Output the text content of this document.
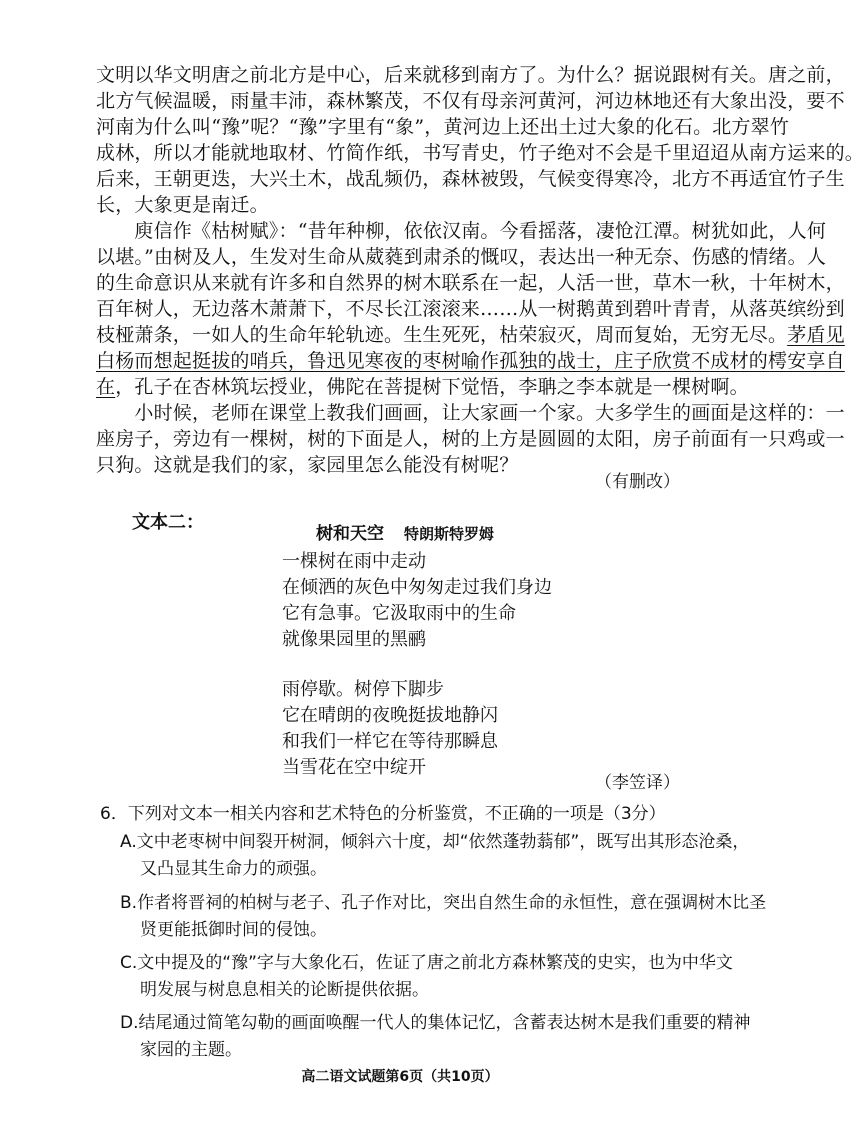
文明以华文明唐之前北方是中心，后来就移到南方了。为什么？据说跟树有关。唐之前，
北方气候温暖，雨量丰沛，森林繁茂，不仅有母亲河黄河，河边林地还有大象出没，要不
河南为什么叫“豫”呢？“豫”字里有“象”，黄河边上还出土过大象的化石。北方翠竹
成林，所以才能就地取材、竹简作纸，书写青史，竹子绝对不会是千里迢迢从南方运来的。
后来，王朝更迭，大兴土木，战乱频仍，森林被毁，气候变得寒冷，北方不再适宜竹子生
长，大象更是南迁。
　　庾信作《枯树赋》：“昔年种柳，依依汉南。今看摇落，凄怆江潭。树犹如此，人何
以堪。”由树及人，生发对生命从葳蕤到肃杀的慨叹，表达出一种无奈、伤感的情绪。人
的生命意识从来就有许多和自然界的树木联系在一起，人活一世，草木一秋，十年树木，
百年树人，无边落木萧萧下，不尽长江滚滚来……从一树鹅黄到碧叶青青，从落英缤纷到
枝桠萧条，一如人的生命年轮轨迹。生生死死，枯荣寂灭，周而复始，无穷无尽。茅盾见
白杨而想起挺拔的哨兵，鲁迅见寒夜的枣树喻作孤独的战士，庄子欣赏不成材的樗安享自
在，孔子在杏林筑坛授业，佛陀在菩提树下觉悟，李聃之李本就是一棵树啊。
　　小时候，老师在课堂上教我们画画，让大家画一个家。大多学生的画面是这样的：一
座房子，旁边有一棵树，树的下面是人，树的上方是圆圆的太阳，房子前面有一只鸡或一
只狗。这就是我们的家，家园里怎么能没有树呢？
（有删改）
文本二：
树和天空 特朗斯特罗姆
一棵树在雨中走动
在倾洒的灰色中匆匆走过我们身边
它有急事。它汲取雨中的生命
就像果园里的黑鹂
雨停歇。树停下脚步
它在晴朗的夜晚挺拔地静闪
和我们一样它在等待那瞬息
当雪花在空中绽开
（李笠译）
6．下列对文本一相关内容和艺术特色的分析鉴赏，不正确的一项是（3分）
A.文中老枣树中间裂开树洞，倾斜六十度，却“依然蓬勃蓊郁”，既写出其形态沧桑，
又凸显其生命力的顽强。
B.作者将晋祠的柏树与老子、孔子作对比，突出自然生命的永恒性，意在强调树木比圣
贤更能抵御时间的侵蚀。
C.文中提及的“豫”字与大象化石，佐证了唐之前北方森林繁茂的史实，也为中华文
明发展与树息息相关的论断提供依据。
D.结尾通过简笔勾勒的画面唤醒一代人的集体记忆，含蓄表达树木是我们重要的精神
家园的主题。
高二语文试题第6页（共10页）
